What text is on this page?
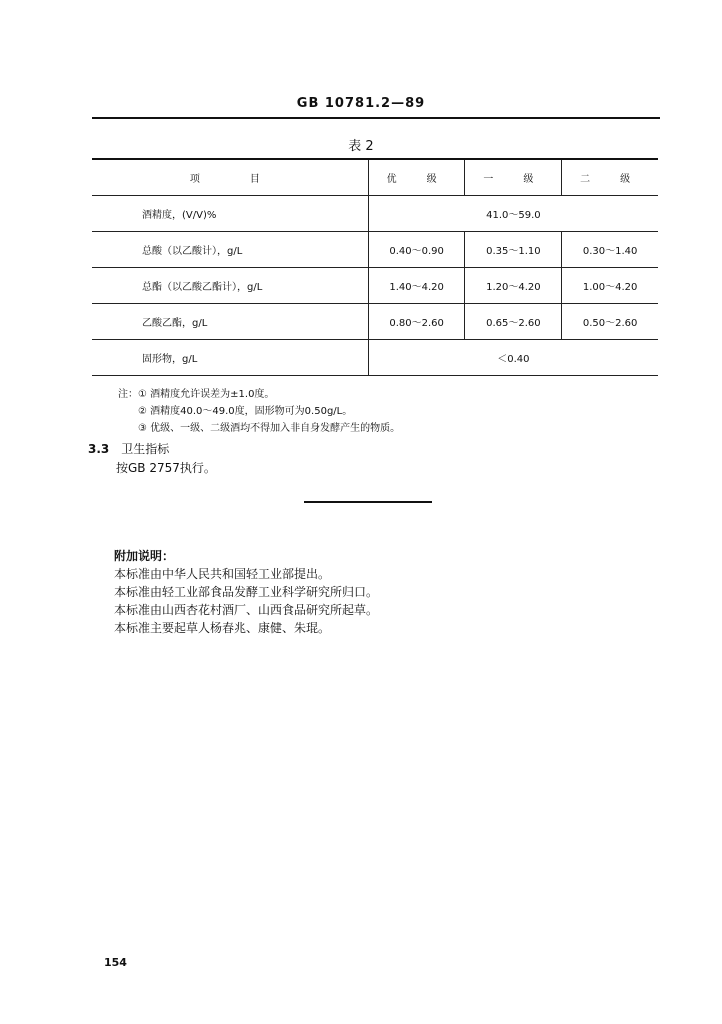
GB 10781.2—89
表 2
项　　目	优　级	一　级	二　级
酒精度，(V/V)%	41.0～59.0		
总酸（以乙酸计），g/L	0.40～0.90	0.35～1.10	0.30～1.40
总酯（以乙酸乙酯计），g/L	1.40～4.20	1.20～4.20	1.00～4.20
乙酸乙酯，g/L	0.80～2.60	0.65～2.60	0.50～2.60
固形物，g/L	＜0.40		
注：① 酒精度允许误差为±1.0度。
② 酒精度40.0～49.0度，固形物可为0.50g/L。
③ 优级、一级、二级酒均不得加入非自身发酵产生的物质。
3.3 卫生指标
按GB 2757执行。
附加说明：
本标准由中华人民共和国轻工业部提出。
本标准由轻工业部食品发酵工业科学研究所归口。
本标准由山西杏花村酒厂、山西食品研究所起草。
本标准主要起草人杨春兆、康健、朱琨。
154
